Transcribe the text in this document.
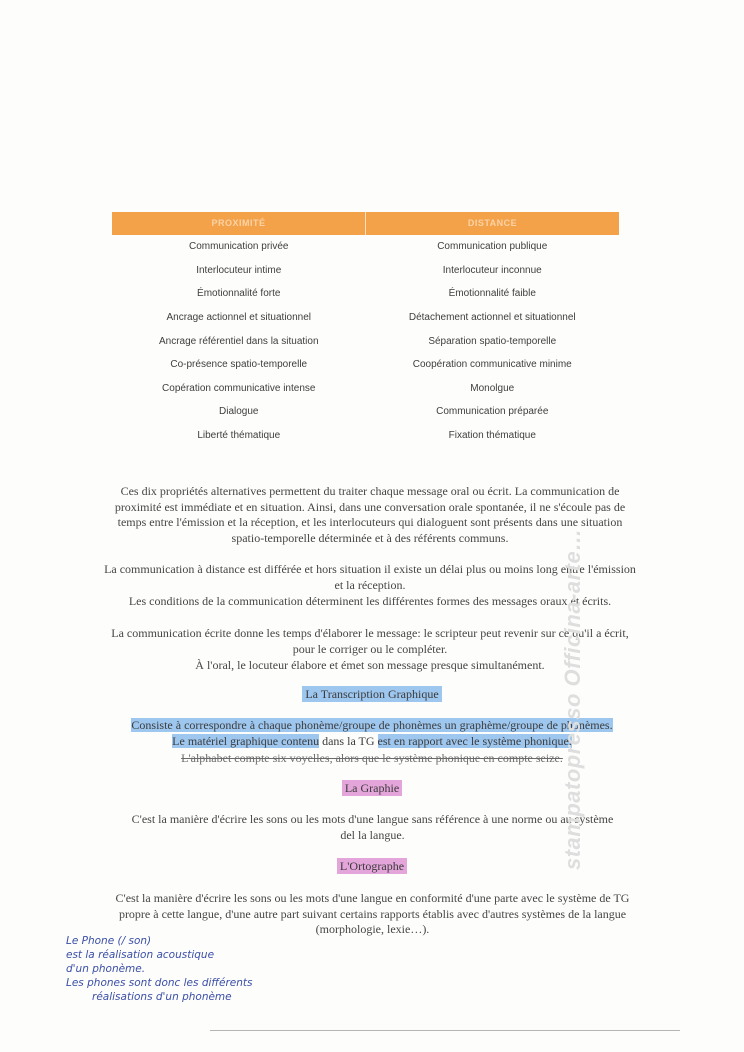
PROXIMITÉ	DISTANCE
Communication privée	Communication publique
Interlocuteur intime	Interlocuteur inconnue
Émotionnalité forte	Émotionnalité faible
Ancrage actionnel et situationnel	Détachement actionnel et situationnel
Ancrage référentiel dans la situation	Séparation spatio-temporelle
Co-présence spatio-temporelle	Coopération communicative minime
Copération communicative intense	Monolgue
Dialogue	Communication préparée
Liberté thématique	Fixation thématique
Ces dix propriétés alternatives permettent du traiter chaque message oral ou écrit. La communication de proximité est immédiate et en situation. Ainsi, dans une conversation orale spontanée, il ne s'écoule pas de temps entre l'émission et la réception, et les interlocuteurs qui dialoguent sont présents dans une situation spatio-temporelle déterminée et à des référents communs.
La communication à distance est différée et hors situation il existe un délai plus ou moins long entre l'émission et la réception.
Les conditions de la communication déterminent les différentes formes des messages oraux et écrits.
La communication écrite donne les temps d'élaborer le message: le scripteur peut revenir sur ce qu'il a écrit, pour le corriger ou le compléter.
À l'oral, le locuteur élabore et émet son message presque simultanément.
La Transcription Graphique
Consiste à correspondre à chaque phonème/groupe de phonèmes un graphème/groupe de phonèmes.
Le matériel graphique contenu dans la TG est en rapport avec le système phonique.
L'alphabet compte six voyelles, alors que le système phonique en compte seize.
La Graphie
C'est la manière d'écrire les sons ou les mots d'une langue sans référence à une norme ou au système del la langue.
L'Ortographe
C'est la manière d'écrire les sons ou les mots d'une langue en conformité d'une parte avec le système de TG propre à cette langue, d'une autre part suivant certains rapports établis avec d'autres systèmes de la langue (morphologie, lexie…).
Le Phone (/ son)
est la réalisation acoustique
d'un phonème.
Les phones sont donc les différents
réalisations d'un phonème
stampatopresso Officina-arte…
